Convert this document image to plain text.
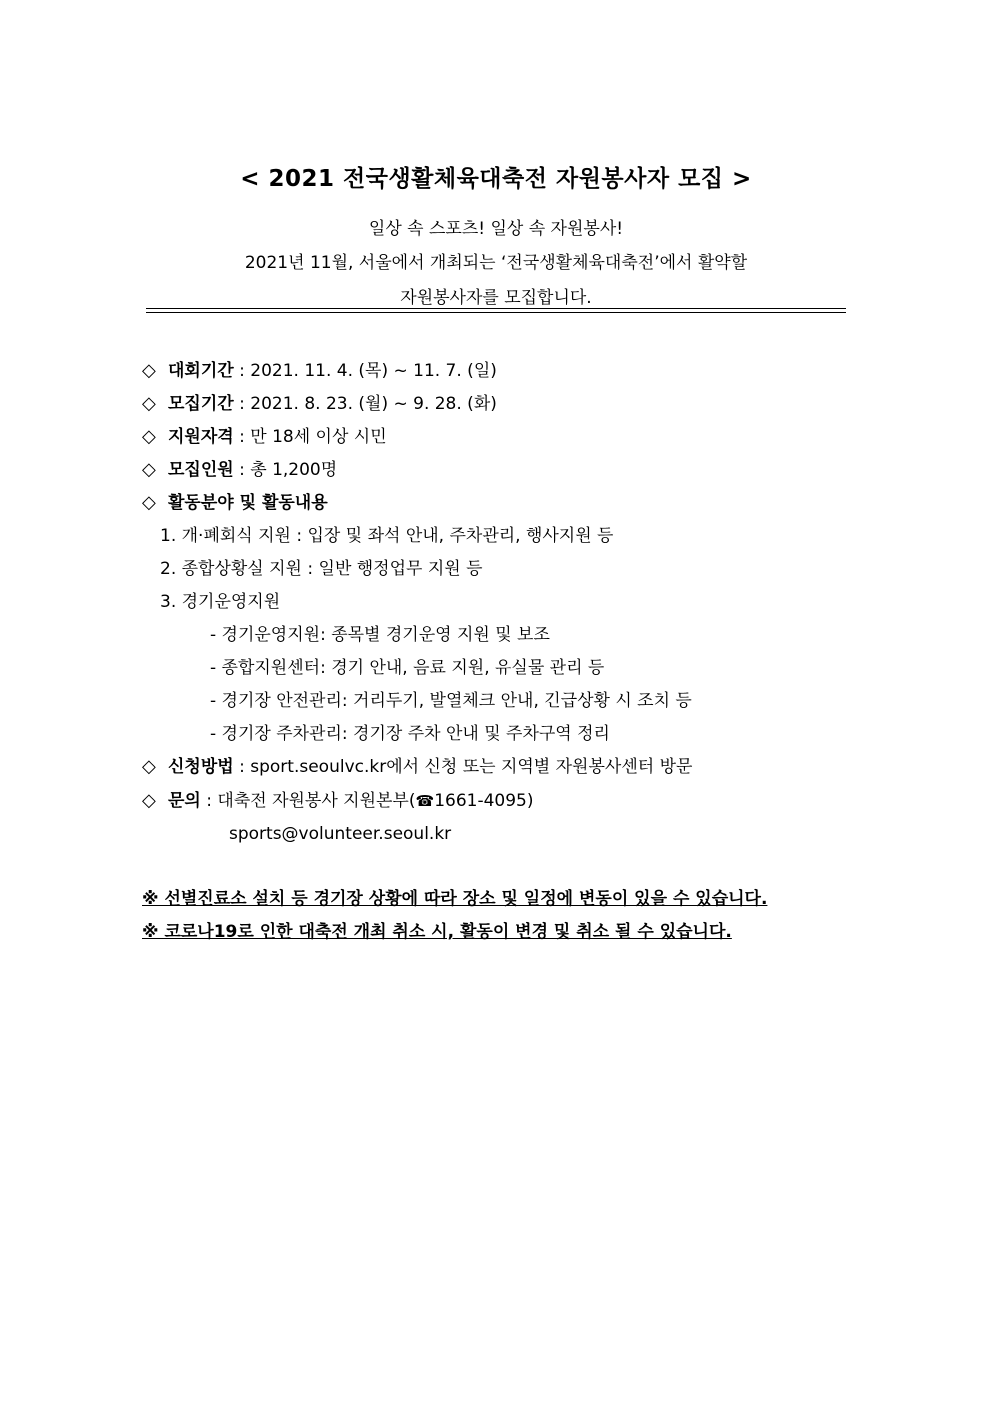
< 2021 전국생활체육대축전 자원봉사자 모집 >
일상 속 스포츠! 일상 속 자원봉사!
2021년 11월, 서울에서 개최되는 ‘전국생활체육대축전’에서 활약할
자원봉사자를 모집합니다.
◇ 대회기간 : 2021. 11. 4. (목) ~ 11. 7. (일)
◇ 모집기간 : 2021. 8. 23. (월) ~ 9. 28. (화)
◇ 지원자격 : 만 18세 이상 시민
◇ 모집인원 : 총 1,200명
◇ 활동분야 및 활동내용
1. 개·폐회식 지원 : 입장 및 좌석 안내, 주차관리, 행사지원 등
2. 종합상황실 지원 : 일반 행정업무 지원 등
3. 경기운영지원
- 경기운영지원: 종목별 경기운영 지원 및 보조
- 종합지원센터: 경기 안내, 음료 지원, 유실물 관리 등
- 경기장 안전관리: 거리두기, 발열체크 안내, 긴급상황 시 조치 등
- 경기장 주차관리: 경기장 주차 안내 및 주차구역 정리
◇ 신청방법 : sport.seoulvc.kr에서 신청 또는 지역별 자원봉사센터 방문
◇ 문의 : 대축전 자원봉사 지원본부(☎1661-4095)
sports@volunteer.seoul.kr
※ 선별진료소 설치 등 경기장 상황에 따라 장소 및 일정에 변동이 있을 수 있습니다.
※ 코로나19로 인한 대축전 개최 취소 시, 활동이 변경 및 취소 될 수 있습니다.
